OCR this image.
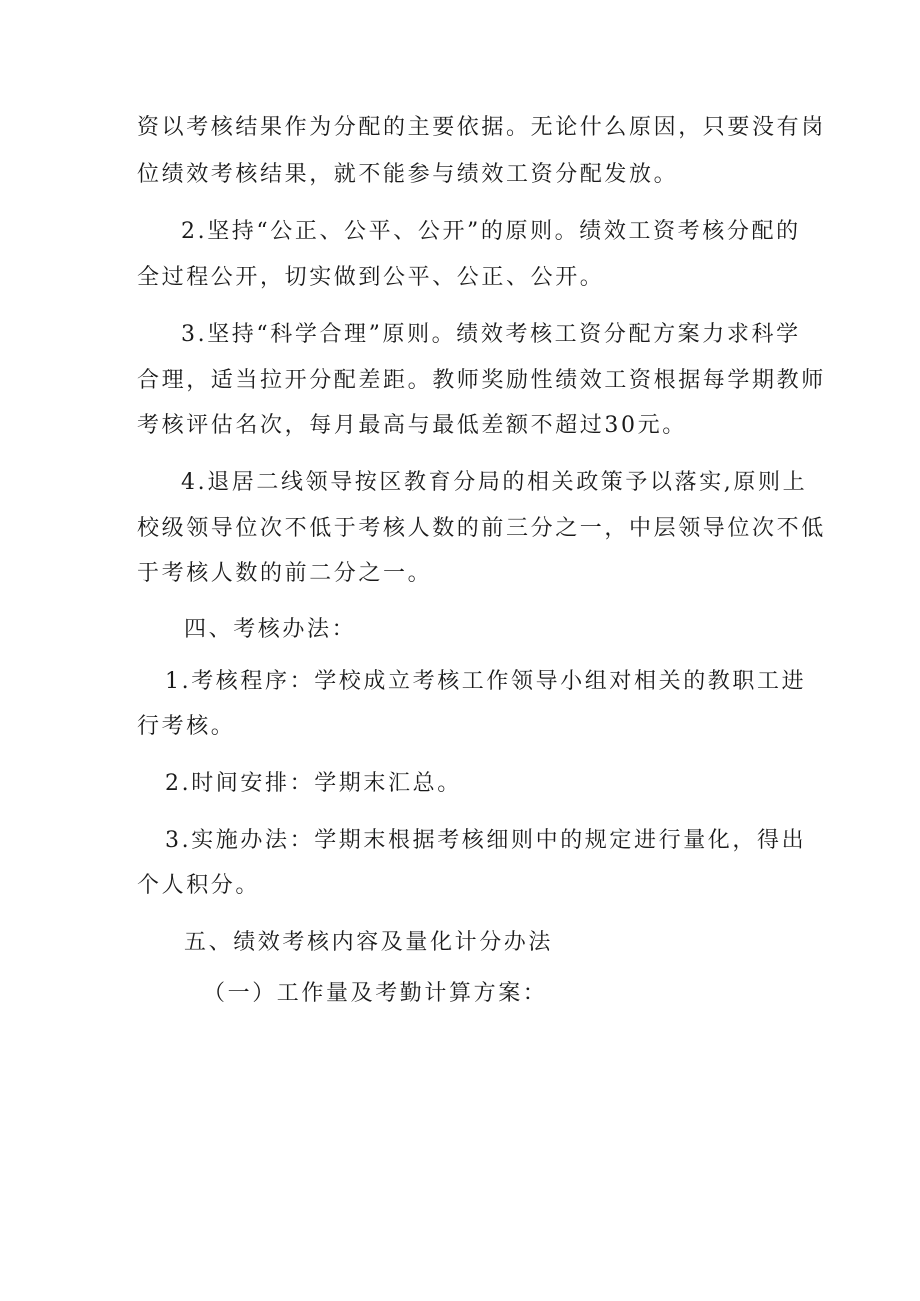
资以考核结果作为分配的主要依据。无论什么原因，只要没有岗
位绩效考核结果，就不能参与绩效工资分配发放。
2.坚持“公正、公平、公开”的原则。绩效工资考核分配的
全过程公开，切实做到公平、公正、公开。
3.坚持“科学合理”原则。绩效考核工资分配方案力求科学
合理，适当拉开分配差距。教师奖励性绩效工资根据每学期教师
考核评估名次，每月最高与最低差额不超过30元。
4.退居二线领导按区教育分局的相关政策予以落实,原则上
校级领导位次不低于考核人数的前三分之一，中层领导位次不低
于考核人数的前二分之一。
四、考核办法：
1.考核程序：学校成立考核工作领导小组对相关的教职工进
行考核。
2.时间安排：学期末汇总。
3.实施办法：学期末根据考核细则中的规定进行量化，得出
个人积分。
五、绩效考核内容及量化计分办法
（一）工作量及考勤计算方案：
